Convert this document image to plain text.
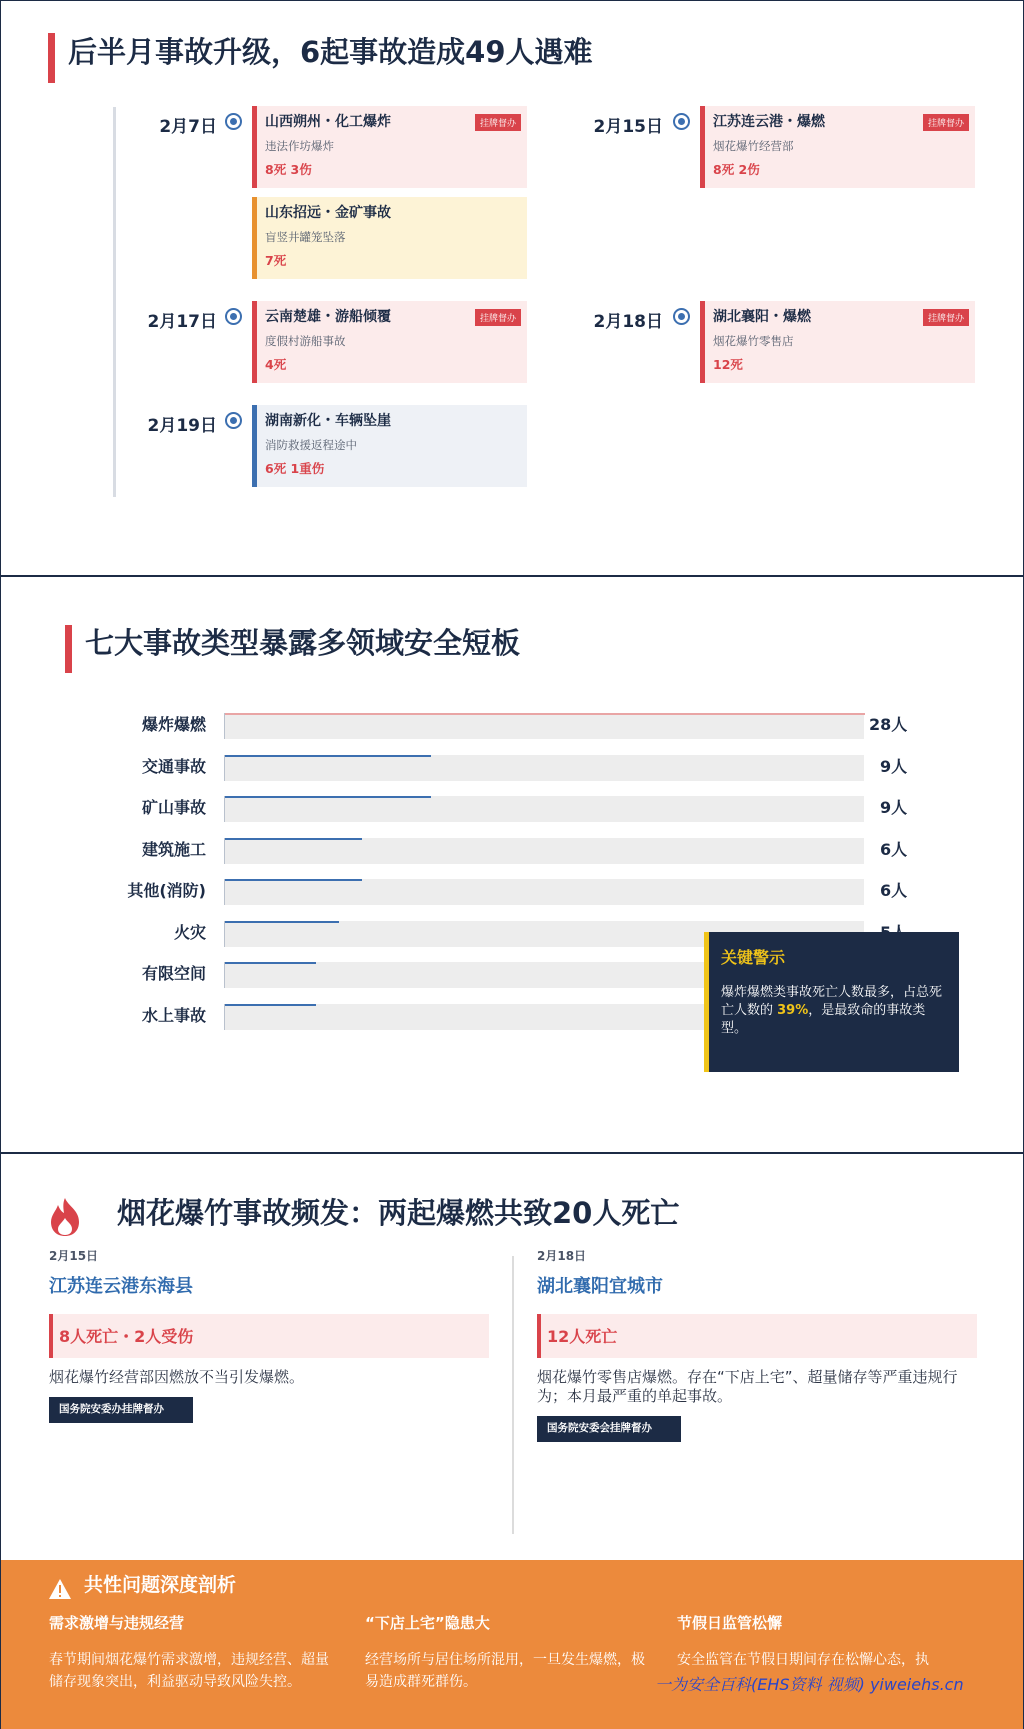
后半月事故升级，6起事故造成49人遇难
2月7日	山西朔州・化工爆炸
违法作坊爆炸
8死 3伤
挂牌督办
山东招远・金矿事故
盲竖井罐笼坠落
7死
2月15日	江苏连云港・爆燃
烟花爆竹经营部
8死 2伤
挂牌督办
2月17日	云南楚雄・游船倾覆
度假村游船事故
4死
挂牌督办	2月18日	湖北襄阳・爆燃
烟花爆竹零售店
12死
挂牌督办
2月19日	湖南新化・车辆坠崖
消防救援返程途中
6死 1重伤
七大事故类型暴露多领域安全短板
爆炸爆燃	28人
交通事故	9人
矿山事故	9人
建筑施工	6人
其他(消防)	6人
火灾
有限空间
水上事故
关键警示
爆炸爆燃类事故死亡人数最多，占总死亡人数的 39%，是最致命的事故类型。
烟花爆竹事故频发：两起爆燃共致20人死亡
2月15日
江苏连云港东海县
8人死亡・2人受伤
烟花爆竹经营部因燃放不当引发爆燃。
国务院安委办挂牌督办
2月18日
湖北襄阳宜城市
12人死亡
烟花爆竹零售店爆燃。存在“下店上宅”、超量储存等严重违规行为；本月最严重的单起事故。
国务院安委会挂牌督办
共性问题深度剖析
需求激增与违规经营
春节期间烟花爆竹需求激增，违规经营、超量储存现象突出，利益驱动导致风险失控。
“下店上宅”隐患大
经营场所与居住场所混用，一旦发生爆燃，极易造成群死群伤。
节假日监管松懈
安全监管在节假日期间存在松懈心态，执
一为安全百科(EHS资料 视频) yiweiehs.cn
